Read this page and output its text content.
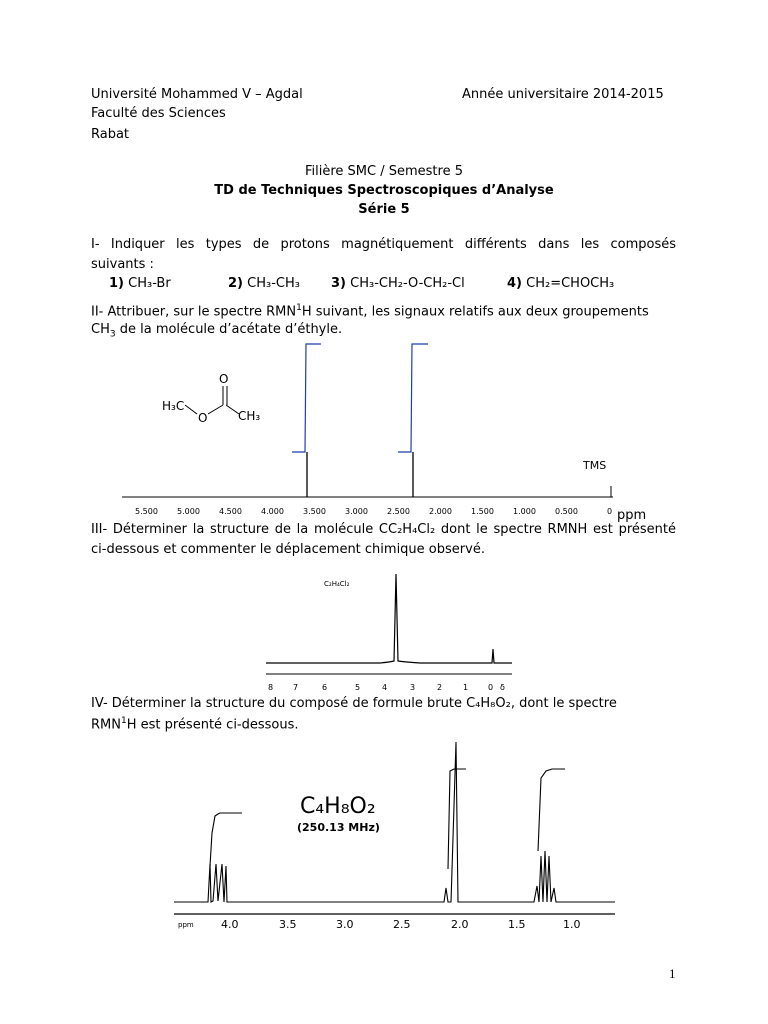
Université Mohammed V – Agdal
Faculté des Sciences
Rabat
Année universitaire 2014-2015
Filière SMC / Semestre 5
TD de Techniques Spectroscopiques d’Analyse
Série 5
I- Indiquer les types de protons magnétiquement différents dans les composés
suivants :
1) CH₃-Br	2) CH₃-CH₃ 3) CH₃-CH₂-O-CH₂-Cl	4) CH₂=CHOCH₃
II- Attribuer, sur le spectre RMN$^1$H suivant, les signaux relatifs aux deux groupements
$CH_3$ de la molécule d’acétate d’éthyle.
TMS
5.500 5.000 4.500 4.000 3.500 3.000 2.500 2.000 1.500 1.000 0.500	0 ppm
H₃C
O
O
CH₃
III- Déterminer la structure de la molécule CC₂H₄Cl₂ dont le spectre RMNH est présenté
ci-dessous et commenter le déplacement chimique observé.
C₂H₄Cl₂
8 7	6	5	4	3	2	1 0 δ
IV- Déterminer la structure du composé de formule brute C₄H₈O₂, dont le spectre
RMN$^1$H est présenté ci-dessous.
C₄H₈O₂
(250.13 MHz)
ppm 4.0	3.5	3.0	2.5	2.0	1.5	1.0
1
